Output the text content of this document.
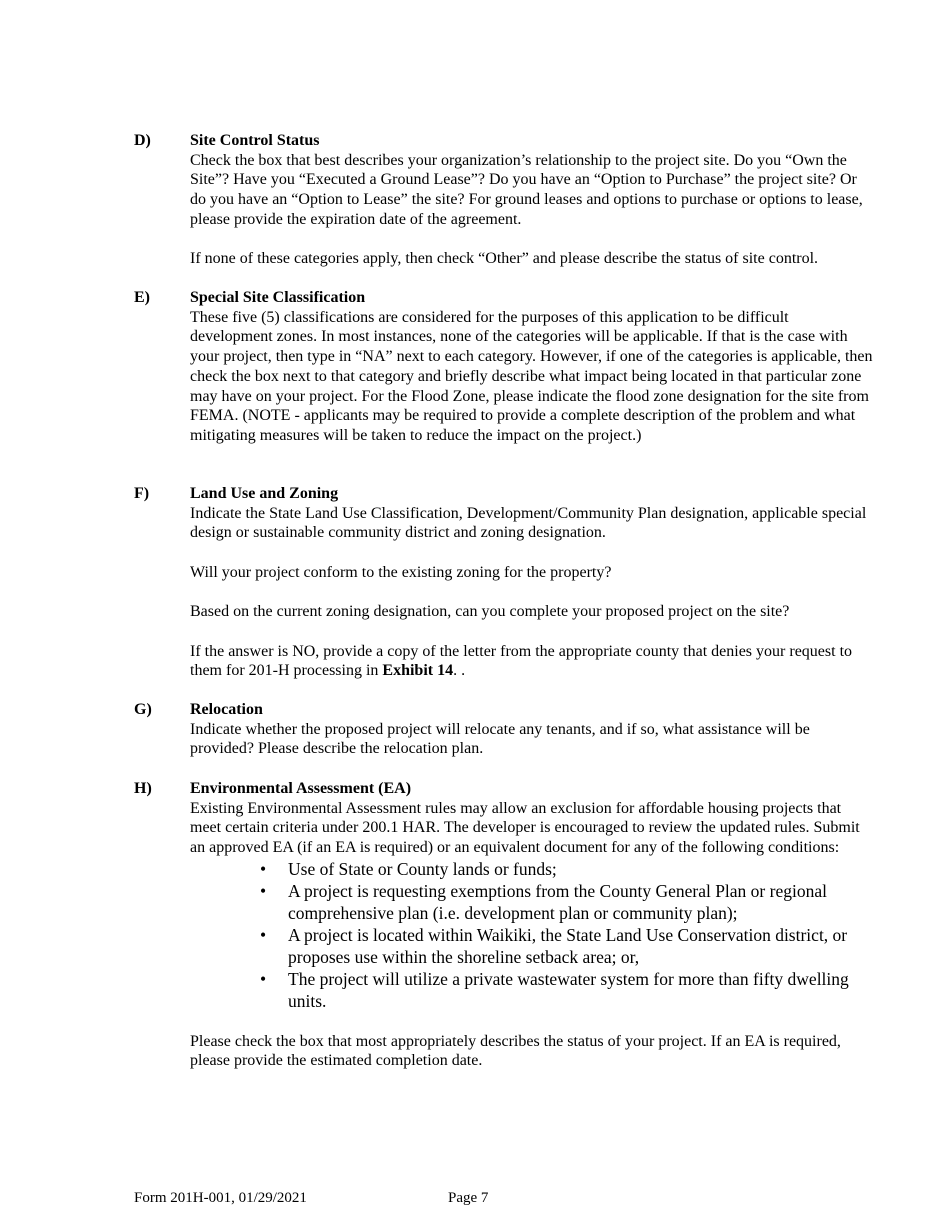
D) Site Control Status
Check the box that best describes your organization’s relationship to the project site. Do you “Own the Site”? Have you “Executed a Ground Lease”? Do you have an “Option to Purchase” the project site? Or do you have an “Option to Lease” the site? For ground leases and options to purchase or options to lease, please provide the expiration date of the agreement.
If none of these categories apply, then check “Other” and please describe the status of site control.
E)	Special Site Classification
These five (5) classifications are considered for the purposes of this application to be difficult development zones. In most instances, none of the categories will be applicable. If that is the case with your project, then type in “NA” next to each category. However, if one of the categories is applicable, then check the box next to that category and briefly describe what impact being located in that particular zone may have on your project. For the Flood Zone, please indicate the flood zone designation for the site from FEMA. (NOTE - applicants may be required to provide a complete description of the problem and what mitigating measures will be taken to reduce the impact on the project.)
F)	Land Use and Zoning
Indicate the State Land Use Classification, Development/Community Plan designation, applicable special design or sustainable community district and zoning designation.
Will your project conform to the existing zoning for the property?
Based on the current zoning designation, can you complete your proposed project on the site?
If the answer is NO, provide a copy of the letter from the appropriate county that denies your request to them for 201-H processing in Exhibit 14. .
G) Relocation
Indicate whether the proposed project will relocate any tenants, and if so, what assistance will be provided? Please describe the relocation plan.
H) Environmental Assessment (EA)
Existing Environmental Assessment rules may allow an exclusion for affordable housing projects that meet certain criteria under 200.1 HAR. The developer is encouraged to review the updated rules. Submit an approved EA (if an EA is required) or an equivalent document for any of the following conditions:
• Use of State or County lands or funds;
• A project is requesting exemptions from the County General Plan or regional comprehensive plan (i.e. development plan or community plan);
• A project is located within Waikiki, the State Land Use Conservation district, or proposes use within the shoreline setback area; or,
• The project will utilize a private wastewater system for more than fifty dwelling units.
Please check the box that most appropriately describes the status of your project. If an EA is required, please provide the estimated completion date.
Form 201H-001, 01/29/2021	Page 7
